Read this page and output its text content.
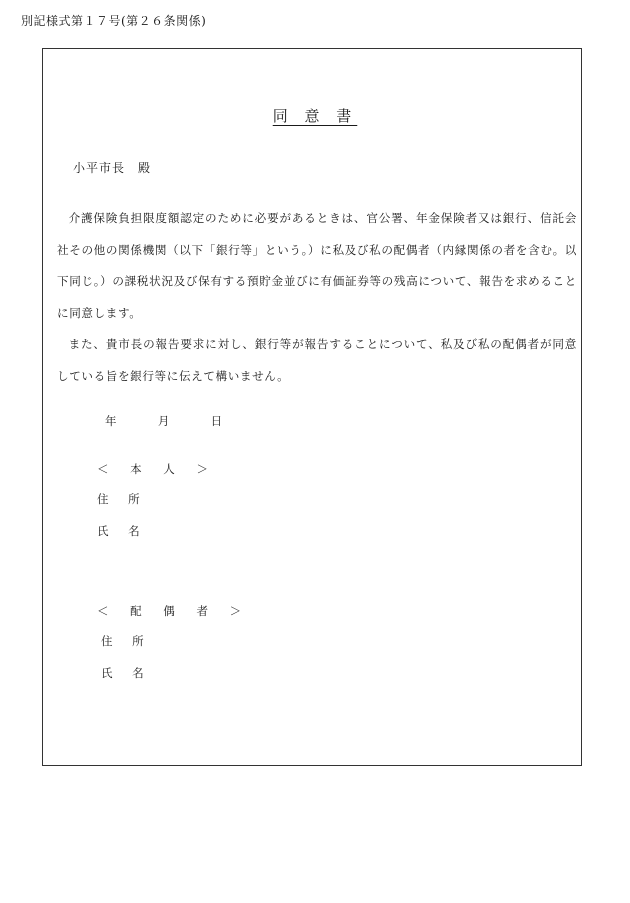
別記様式第１７号(第２６条関係)
同 意 書
小平市長　殿

介護保険負担限度額認定のために必要があるときは、官公署、年金保険者又は銀行、信託会社その他の関係機関（以下「銀行等」という。）に私及び私の配偶者（内縁関係の者を含む。以下同じ。）の課税状況及び保有する預貯金並びに有価証券等の残高について、報告を求めることに同意します。

また、貴市長の報告要求に対し、銀行等が報告することについて、私及び私の配偶者が同意している旨を銀行等に伝えて構いません。

年	月	日
＜ 本 人 ＞
住 所
氏 名
＜ 配 偶 者 ＞
住 所
氏 名
